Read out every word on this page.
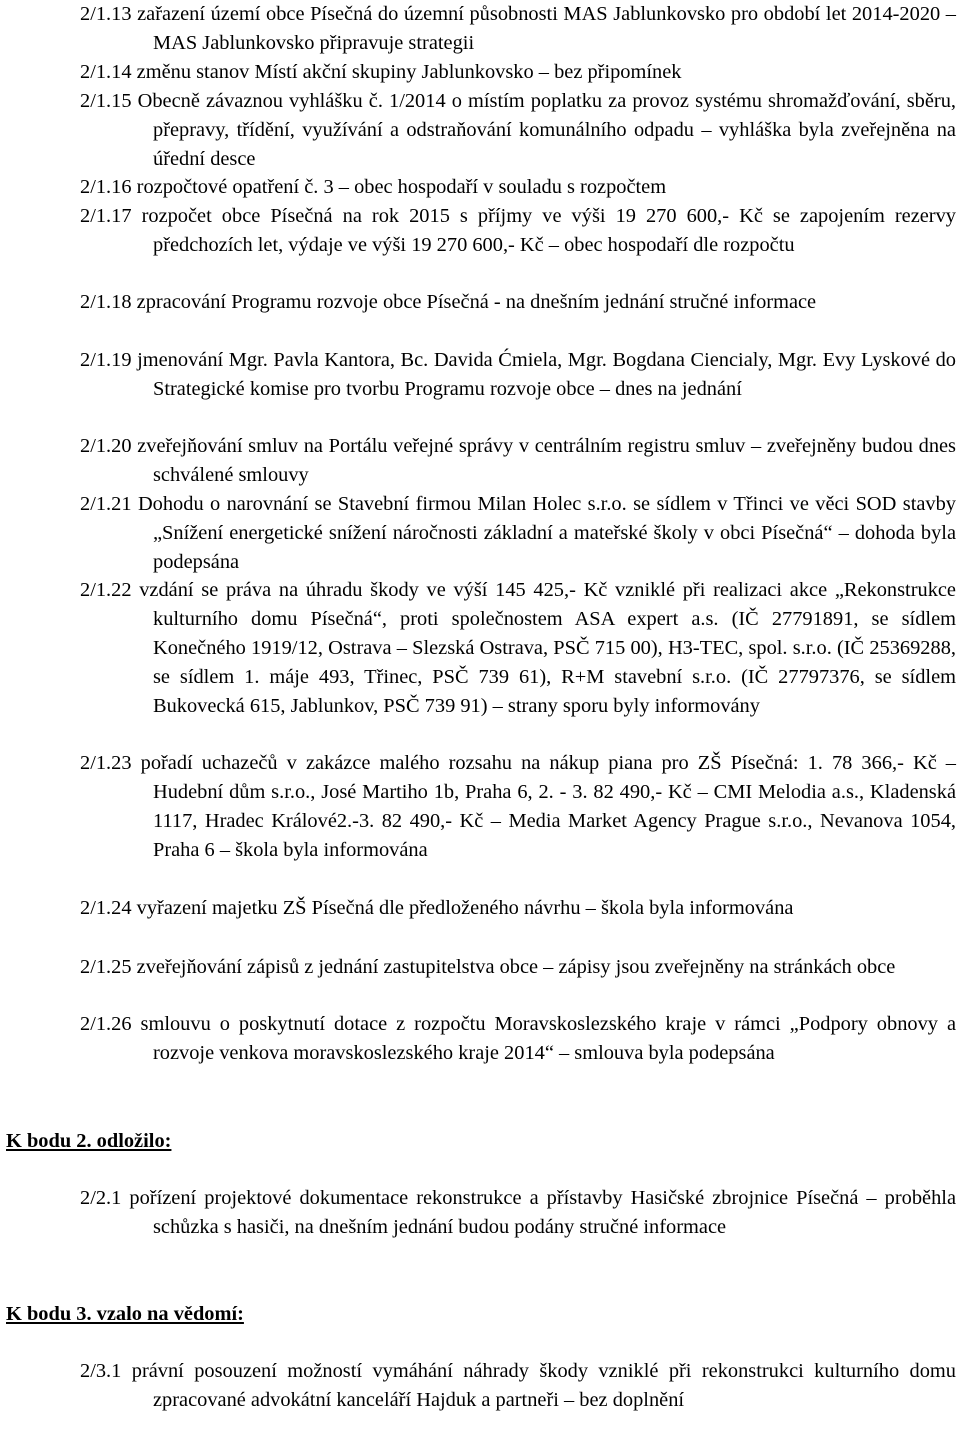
2/1.13 zařazení území obce Písečná do územní působnosti MAS Jablunkovsko pro období let 2014-2020 – MAS Jablunkovsko připravuje strategii
2/1.14 změnu stanov Místí akční skupiny Jablunkovsko – bez připomínek
2/1.15 Obecně závaznou vyhlášku č. 1/2014 o místím poplatku za provoz systému shromažďování, sběru, přepravy, třídění, využívání a odstraňování komunálního odpadu – vyhláška byla zveřejněna na úřední desce
2/1.16 rozpočtové opatření č. 3 – obec hospodaří v souladu s rozpočtem
2/1.17 rozpočet obce Písečná na rok 2015 s příjmy ve výši 19 270 600,- Kč se zapojením rezervy předchozích let, výdaje ve výši 19 270 600,- Kč – obec hospodaří dle rozpočtu
2/1.18 zpracování Programu rozvoje obce Písečná - na dnešním jednání stručné informace
2/1.19 jmenování Mgr. Pavla Kantora, Bc. Davida Ćmiela, Mgr. Bogdana Ciencialy, Mgr. Evy Lyskové do Strategické komise pro tvorbu Programu rozvoje obce – dnes na jednání
2/1.20 zveřejňování smluv na Portálu veřejné správy v centrálním registru smluv – zveřejněny budou dnes schválené smlouvy
2/1.21 Dohodu o narovnání se Stavební firmou Milan Holec s.r.o. se sídlem v Třinci ve věci SOD stavby „Snížení energetické snížení náročnosti základní a mateřské školy v obci Písečná“ – dohoda byla podepsána
2/1.22 vzdání se práva na úhradu škody ve výší 145 425,- Kč vzniklé při realizaci akce „Rekonstrukce kulturního domu Písečná“, proti společnostem ASA expert a.s. (IČ 27791891, se sídlem Konečného 1919/12, Ostrava – Slezská Ostrava, PSČ 715 00), H3-TEC, spol. s.r.o. (IČ 25369288, se sídlem 1. máje 493, Třinec, PSČ 739 61), R+M stavební s.r.o. (IČ 27797376, se sídlem Bukovecká 615, Jablunkov, PSČ 739 91) – strany sporu byly informovány
2/1.23 pořadí uchazečů v zakázce malého rozsahu na nákup piana pro ZŠ Písečná: 1. 78 366,- Kč – Hudební dům s.r.o., José Martiho 1b, Praha 6, 2. - 3. 82 490,- Kč – CMI Melodia a.s., Kladenská 1117, Hradec Králové2.-3. 82 490,- Kč – Media Market Agency Prague s.r.o., Nevanova 1054, Praha 6 – škola byla informována
2/1.24 vyřazení majetku ZŠ Písečná dle předloženého návrhu – škola byla informována
2/1.25 zveřejňování zápisů z jednání zastupitelstva obce – zápisy jsou zveřejněny na stránkách obce
2/1.26 smlouvu o poskytnutí dotace z rozpočtu Moravskoslezského kraje v rámci „Podpory obnovy a rozvoje venkova moravskoslezského kraje 2014“ – smlouva byla podepsána
K bodu 2. odložilo:
2/2.1 pořízení projektové dokumentace rekonstrukce a přístavby Hasičské zbrojnice Písečná – proběhla schůzka s hasiči, na dnešním jednání budou podány stručné informace
K bodu 3. vzalo na vědomí:
2/3.1 právní posouzení možností vymáhání náhrady škody vzniklé při rekonstrukci kulturního domu zpracované advokátní kanceláří Hajduk a partneři – bez doplnění
